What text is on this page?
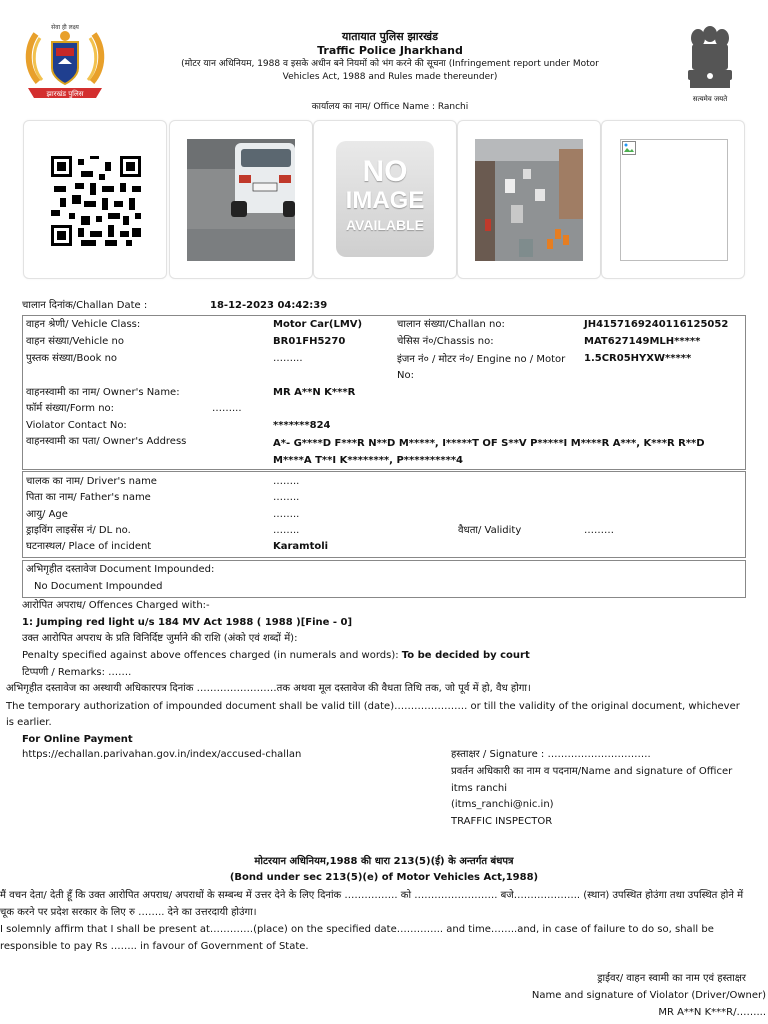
झारखंड पुलिस
सेवा ही लक्ष्य
यातायात पुलिस झारखंड
Traffic Police Jharkhand
(मोटर यान अधिनियम, 1988 व इसके अधीन बने नियमों को भंग करने की सूचना (Infringement report under Motor Vehicles Act, 1988 and Rules made thereunder)
कार्यालय का नाम/ Office Name : Ranchi
सत्यमेव जयते
NO
IMAGE
AVAILABLE
चालान दिनांक/Challan Date :	18-12-2023 04:42:39
वाहन श्रेणी/ Vehicle Class:	Motor Car(LMV)	चालान संख्या/Challan no:	JH415716924011612505​2
वाहन संख्या/Vehicle no	BR01FH5270	चेसिस नं०/Chassis no:	MAT627149MLH*****
पुस्तक संख्या/Book no	……...	इंजन नं० / मोटर नं०/ Engine no / Motor No:
1.5CR05HYXW*****
वाहनस्वामी का नाम/ Owner's Name:	MR A**N K***R
फॉर्म संख्या/Form no:	……...
Violator Contact No:	*******824
वाहनस्वामी का पता/ Owner's Address	A*- G****D F***R N**D M*****, I*****T OF S**V P*****I M****R A***, K***R R**D M****A T**I K********, P**********4
चालक का नाम/ Driver's name	……..
पिता का नाम/ Father's name	……..
आयु/ Age	……..
ड्राइविंग लाइसेंस नं/ DL no.	……..	वैधता/ Validity	………
घटनास्थल/ Place of incident	Karamtoli
अभिगृहीत दस्तावेज Document Impounded:
No Document Impounded
आरोपित अपराध/ Offences Charged with:-
1: Jumping red light u/s 184 MV Act 1988 ( 1988 )[Fine - 0]
उक्त आरोपित अपराध के प्रति विनिर्दिष्ट जुर्माने की राशि (अंको एवं शब्दों में):
Penalty specified against above offences charged (in numerals and words): To be decided by court
टिप्पणी / Remarks: …….
अभिगृहीत दस्तावेज का अस्थायी अधिकारपत्र दिनांक ……………………तक अथवा मूल दस्तावेज की वैधता तिथि तक, जो पूर्व में हो, वैध होगा।
The temporary authorization of impounded document shall be valid till (date)…………………. or till the validity of the original document, whichever is earlier.
For Online Payment
https://echallan.parivahan.gov.in/index/accused-challan	हस्ताक्षर / Signature : ………………………….
प्रवर्तन अधिकारी का नाम व पदनाम/Name and signature of Officer
itms ranchi
(itms_ranchi@nic.in)
TRAFFIC INSPECTOR
मोटरयान अधिनियम,1988 की धारा 213(5)(ई) के अन्तर्गत बंधपत्र
(Bond under sec 213(5)(e) of Motor Vehicles Act,1988)
मैं वचन देता/ देती हूँ कि उक्त आरोपित अपराध/ अपराधों के सम्बन्ध में उत्तर देने के लिए दिनांक ……………. को ……………………. बजे……………….. (स्थान) उपस्थित होउंगा तथा उपस्थित होने में चूक करने पर प्रदेश सरकार के लिए रु …….. देने का उत्तरदायी होउंगा।
I solemnly affirm that I shall be present at………….(place) on the specified date………….. and time……..and, in case of failure to do so, shall be responsible to pay Rs …….. in favour of Government of State.
ड्राईवर/ वाहन स्वामी का नाम एवं हस्ताक्षर
Name and signature of Violator (Driver/Owner)
MR A**N K***R/……...
